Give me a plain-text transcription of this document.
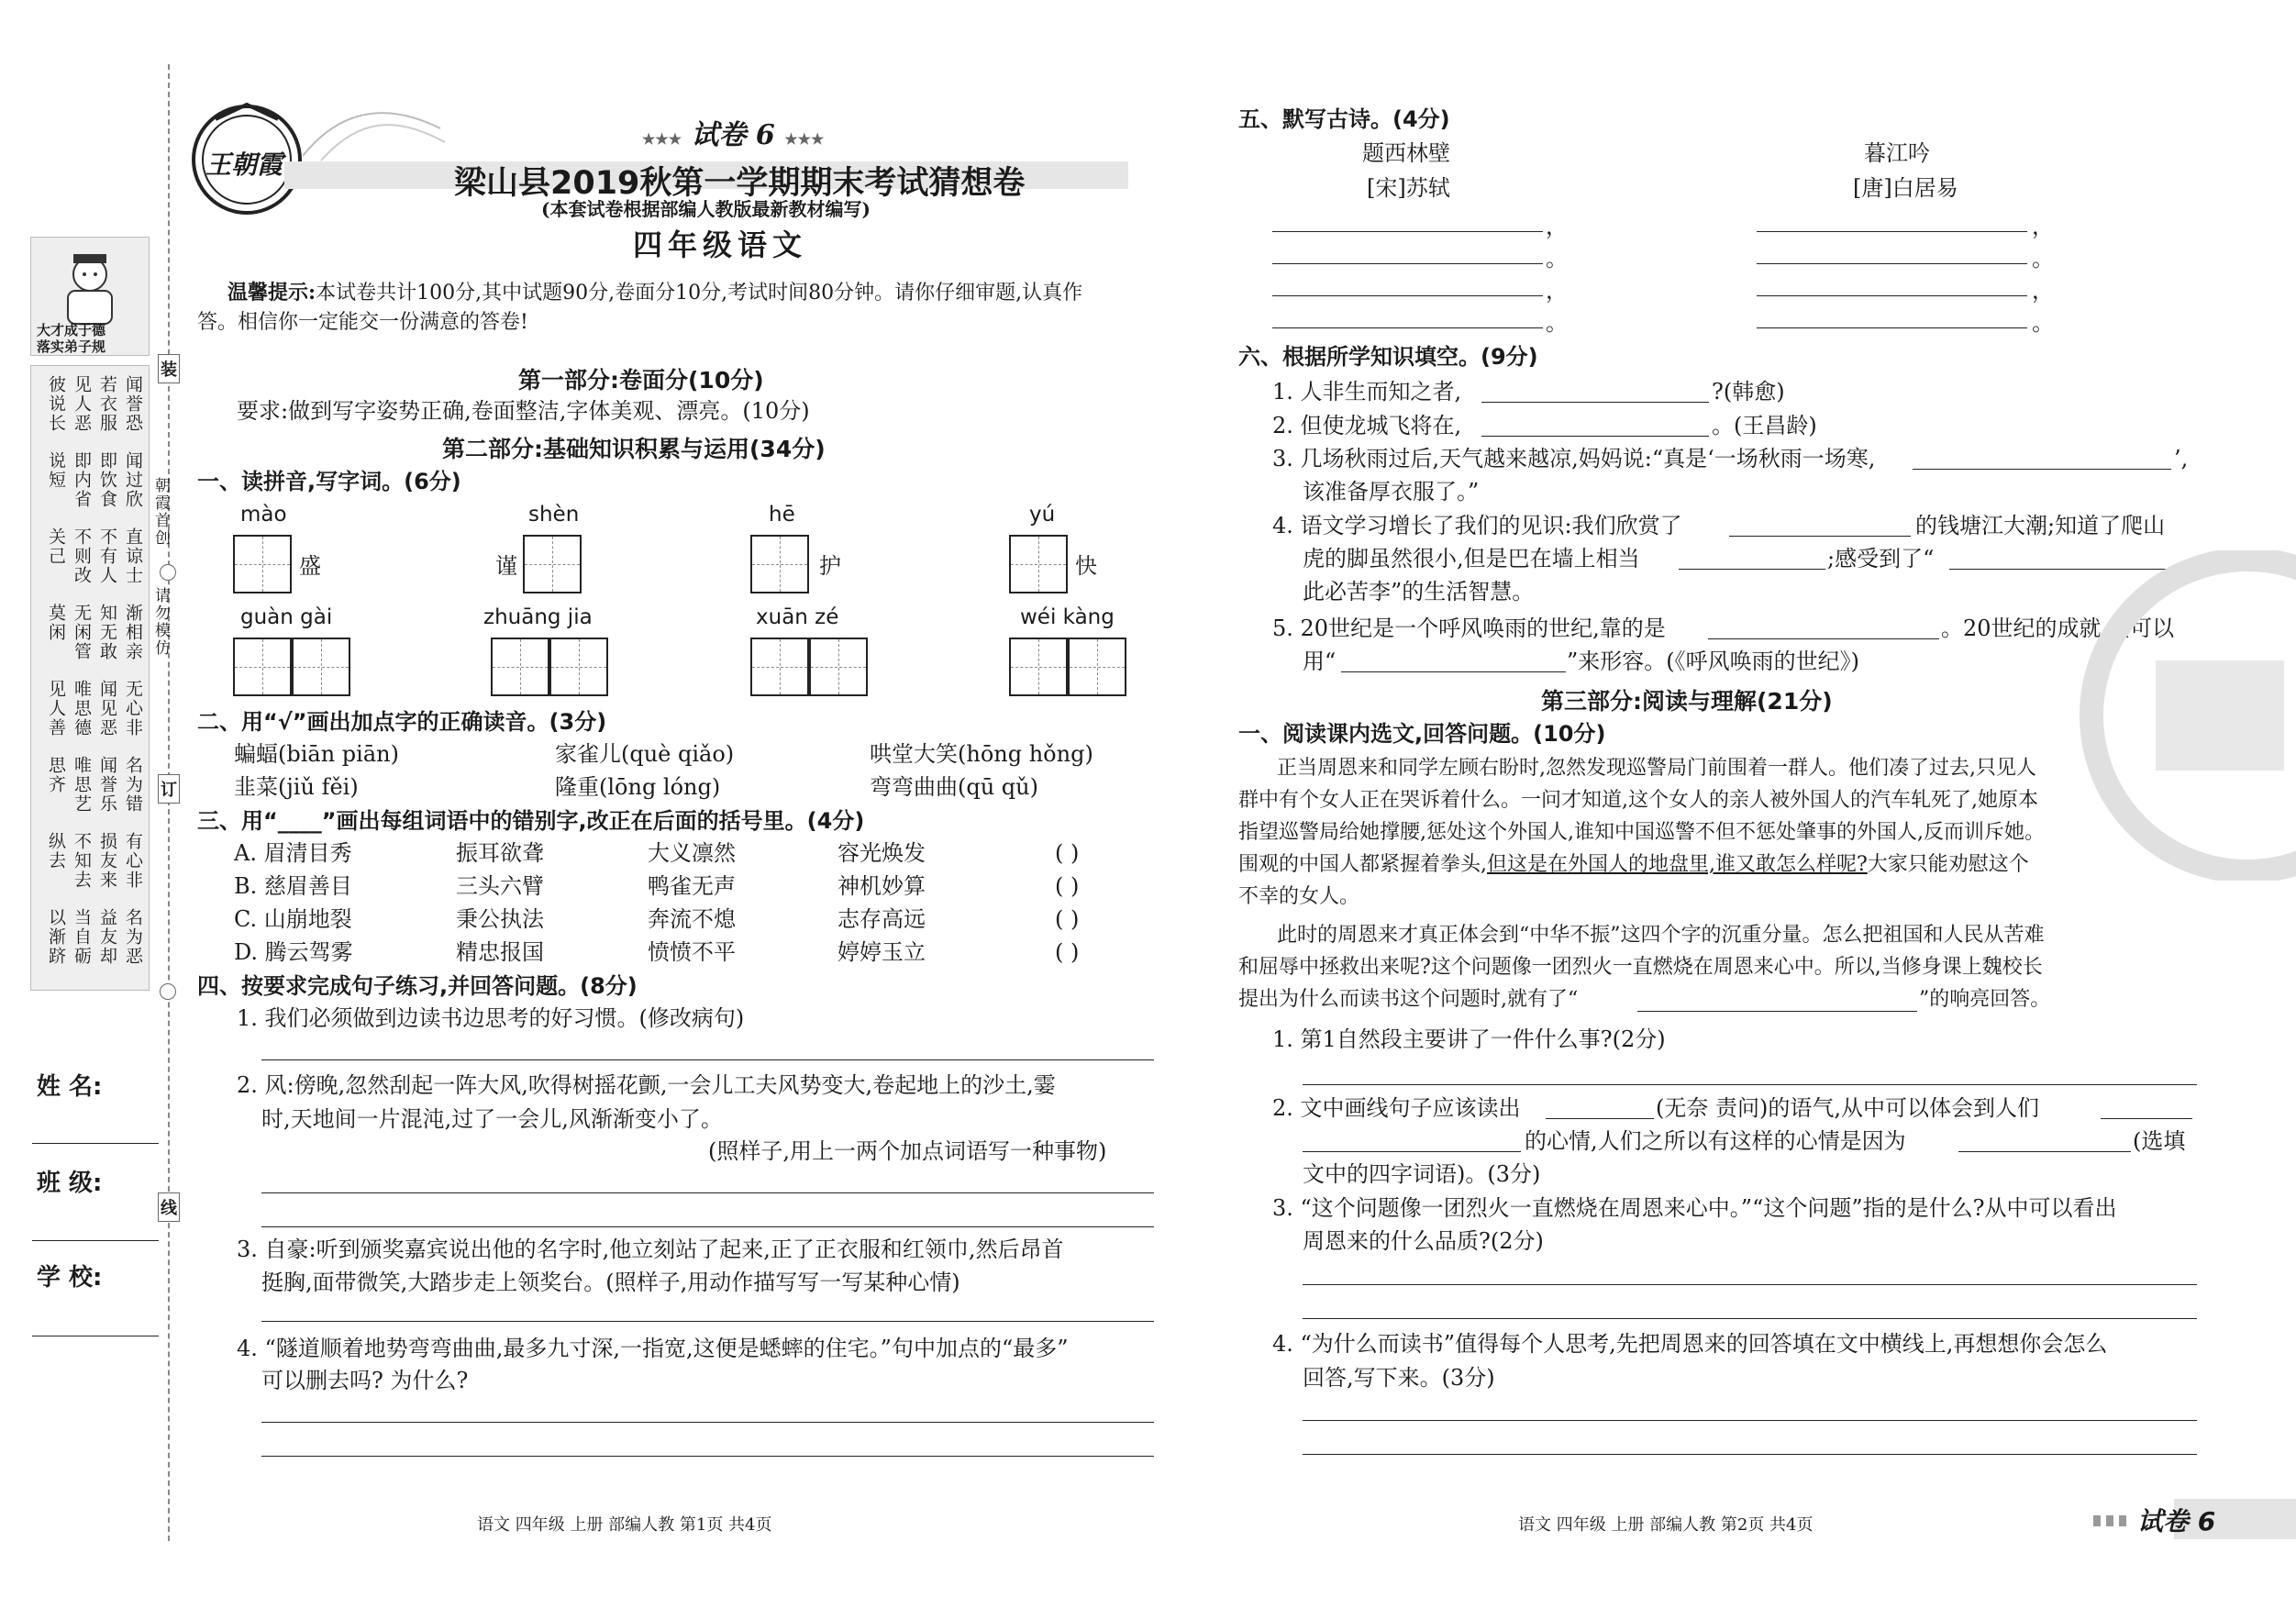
装
订
线
朝霞首创
请勿模仿
大才成于德
落实弟子规
闻誉恐
若衣服
见人恶
彼说长
闻过欣
即饮食
即内省
说短
直谅士
不有人
不则改
关己
渐相亲
知无敢
无闲管
莫闲
无心非
闻见恶
唯思德
见人善
名为错
闻誉乐
唯思艺
思齐
有心非
损友来
不知去
纵去
名为恶
益友却
当自砺
以渐跻
姓 名:
班 级:
学 校:
王朝霞
★★★ 试卷 6 ★★★
梁山县2019秋第一学期期末考试猜想卷
(本套试卷根据部编人教版最新教材编写)
四年级语文
温馨提示:本试卷共计100分,其中试题90分,卷面分10分,考试时间80分钟。请你仔细审题,认真作
答。相信你一定能交一份满意的答卷!
第一部分:卷面分(10分)
要求:做到写字姿势正确,卷面整洁,字体美观、漂亮。(10分)
第二部分:基础知识积累与运用(34分)
一、读拼音,写字词。(6分)
mào
盛
shèn
谨
hē
护
yú
快
guàn gài	zhuāng jia	xuān zé	wéi kàng
二、用“√”画出加点字的正确读音。(3分)
蝙蝠(biān piān)	家雀儿(què qiǎo)	哄堂大笑(hōng hǒng)
韭菜(jiǔ fěi)	隆重(lōng lóng)	弯弯曲曲(qū qǔ)
三、用“____”画出每组词语中的错别字,改正在后面的括号里。(4分)
A. 眉清目秀	振耳欲聋	大义凛然	容光焕发	( )
B. 慈眉善目	三头六臂	鸭雀无声	神机妙算	( )
C. 山崩地裂	秉公执法	奔流不熄	志存高远	( )
D. 腾云驾雾	精忠报国	愤愤不平	婷婷玉立	( )
四、按要求完成句子练习,并回答问题。(8分)
1. 我们必须做到边读书边思考的好习惯。(修改病句)
2. 风:傍晚,忽然刮起一阵大风,吹得树摇花颤,一会儿工夫风势变大,卷起地上的沙土,霎
时,天地间一片混沌,过了一会儿,风渐渐变小了。
(照样子,用上一两个加点词语写一种事物)
3. 自豪:听到颁奖嘉宾说出他的名字时,他立刻站了起来,正了正衣服和红领巾,然后昂首
挺胸,面带微笑,大踏步走上领奖台。(照样子,用动作描写写一写某种心情)
4. “隧道顺着地势弯弯曲曲,最多九寸深,一指宽,这便是蟋蟀的住宅。”句中加点的“最多”
可以删去吗? 为什么?
语文 四年级 上册 部编人教 第1页 共4页
五、默写古诗。(4分)
题西林壁
[宋]苏轼
暮江吟
[唐]白居易
，
。
，
。
，
。
，
。
六、根据所学知识填空。(9分)
1. 人非生而知之者,	?(韩愈)
2. 但使龙城飞将在,	。(王昌龄)
3. 几场秋雨过后,天气越来越凉,妈妈说:“真是‘一场秋雨一场寒,	’,
该准备厚衣服了。”
4. 语文学习增长了我们的见识:我们欣赏了	的钱塘江大潮;知道了爬山
虎的脚虽然很小,但是巴在墙上相当	;感受到了“	,
此必苦李”的生活智慧。
5. 20世纪是一个呼风唤雨的世纪,靠的是	。20世纪的成就,真可以
用“	”来形容。(《呼风唤雨的世纪》)
第三部分:阅读与理解(21分)
一、阅读课内选文,回答问题。(10分)
正当周恩来和同学左顾右盼时,忽然发现巡警局门前围着一群人。他们凑了过去,只见人
群中有个女人正在哭诉着什么。一问才知道,这个女人的亲人被外国人的汽车轧死了,她原本
指望巡警局给她撑腰,惩处这个外国人,谁知中国巡警不但不惩处肇事的外国人,反而训斥她。
围观的中国人都紧握着拳头,但这是在外国人的地盘里,谁又敢怎么样呢?大家只能劝慰这个
不幸的女人。
此时的周恩来才真正体会到“中华不振”这四个字的沉重分量。怎么把祖国和人民从苦难
和屈辱中拯救出来呢?这个问题像一团烈火一直燃烧在周恩来心中。所以,当修身课上魏校长
提出为什么而读书这个问题时,就有了“	”的响亮回答。
1. 第1自然段主要讲了一件什么事?(2分)
2. 文中画线句子应该读出	(无奈 责问)的语气,从中可以体会到人们
的心情,人们之所以有这样的心情是因为	(选填
文中的四字词语)。(3分)
3. “这个问题像一团烈火一直燃烧在周恩来心中。”“这个问题”指的是什么?从中可以看出
周恩来的什么品质?(2分)
4. “为什么而读书”值得每个人思考,先把周恩来的回答填在文中横线上,再想想你会怎么
回答,写下来。(3分)
语文 四年级 上册 部编人教 第2页 共4页	试卷 6
